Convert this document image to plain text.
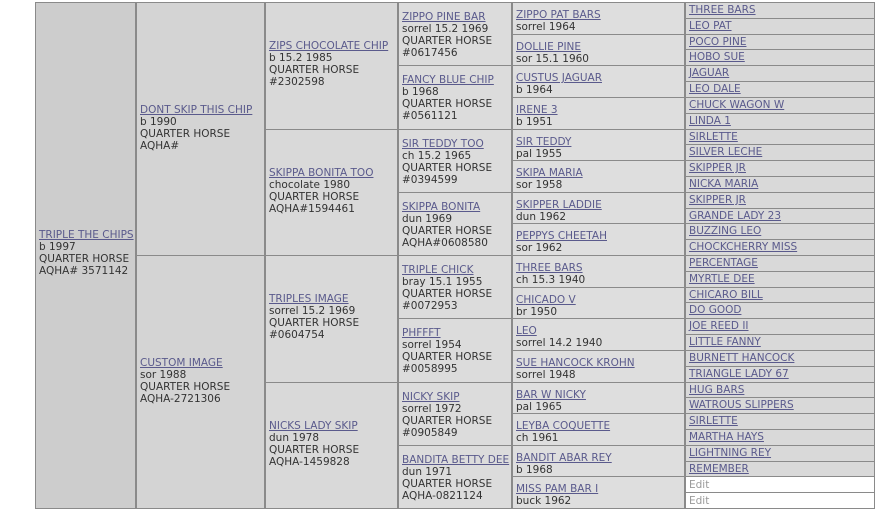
TRIPLE THE CHIPS
b 1997
QUARTER HORSE
AQHA# 3571142
DONT SKIP THIS CHIP
b 1990
QUARTER HORSE
AQHA#
CUSTOM IMAGE
sor 1988
QUARTER HORSE
AQHA-2721306
ZIPS CHOCOLATE CHIP
b 15.2 1985
QUARTER HORSE
#2302598
SKIPPA BONITA TOO
chocolate 1980
QUARTER HORSE
AQHA#1594461
TRIPLES IMAGE
sorrel 15.2 1969
QUARTER HORSE
#0604754
NICKS LADY SKIP
dun 1978
QUARTER HORSE
AQHA-1459828
ZIPPO PINE BAR
sorrel 15.2 1969
QUARTER HORSE
#0617456
FANCY BLUE CHIP
b 1968
QUARTER HORSE
#0561121
SIR TEDDY TOO
ch 15.2 1965
QUARTER HORSE
#0394599
SKIPPA BONITA
dun 1969
QUARTER HORSE
AQHA#0608580
TRIPLE CHICK
bray 15.1 1955
QUARTER HORSE
#0072953
PHFFFT
sorrel 1954
QUARTER HORSE
#0058995
NICKY SKIP
sorrel 1972
QUARTER HORSE
#0905849
BANDITA BETTY DEE
dun 1971
QUARTER HORSE
AQHA-0821124
ZIPPO PAT BARS
sorrel 1964
DOLLIE PINE
sor 15.1 1960
CUSTUS JAGUAR
b 1964
IRENE 3
b 1951
SIR TEDDY
pal 1955
SKIPA MARIA
sor 1958
SKIPPER LADDIE
dun 1962
PEPPYS CHEETAH
sor 1962
THREE BARS
ch 15.3 1940
CHICADO V
br 1950
LEO
sorrel 14.2 1940
SUE HANCOCK KROHN
sorrel 1948
BAR W NICKY
pal 1965
LEYBA COQUETTE
ch 1961
BANDIT ABAR REY
b 1968
MISS PAM BAR I
buck 1962
THREE BARS
LEO PAT
POCO PINE
HOBO SUE
JAGUAR
LEO DALE
CHUCK WAGON W
LINDA 1
SIRLETTE
SILVER LECHE
SKIPPER JR
NICKA MARIA
SKIPPER JR
GRANDE LADY 23
BUZZING LEO
CHOCKCHERRY MISS
PERCENTAGE
MYRTLE DEE
CHICARO BILL
DO GOOD
JOE REED II
LITTLE FANNY
BURNETT HANCOCK
TRIANGLE LADY 67
HUG BARS
WATROUS SLIPPERS
SIRLETTE
MARTHA HAYS
LIGHTNING REY
REMEMBER
Edit
Edit
